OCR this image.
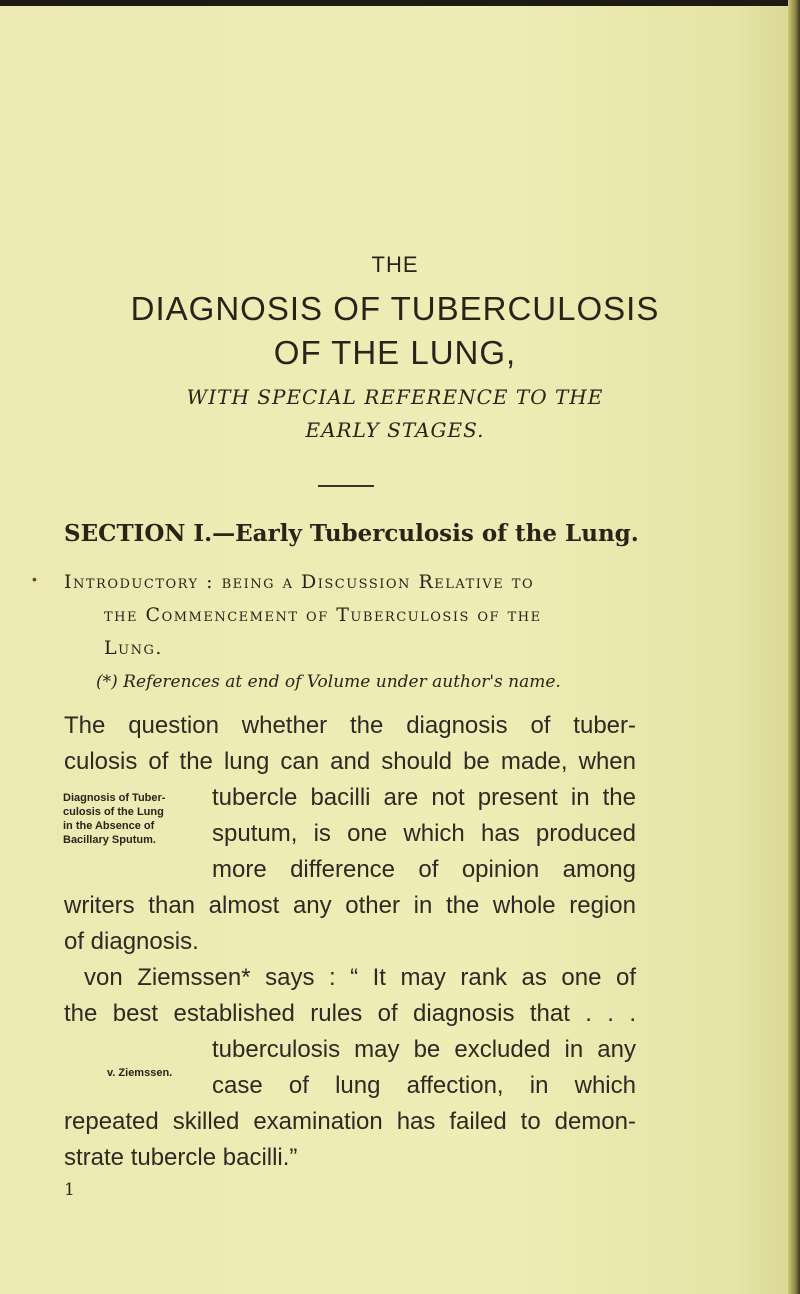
•
THE
DIAGNOSIS OF TUBERCULOSIS
OF THE LUNG,
WITH SPECIAL REFERENCE TO THE
EARLY STAGES.
SECTION I.—Early Tuberculosis of the Lung.
Introductory : being a Discussion Relative to
the Commencement of Tuberculosis of the
Lung.
(*) References at end of Volume under author's name.
The question whether the diagnosis of tuber-
culosis of the lung can and should be made, when
tubercle bacilli are not present in the
sputum, is one which has produced
more difference of opinion among
writers than almost any other in the whole region
of diagnosis.
von Ziemssen* says : “ It may rank as one of
the best established rules of diagnosis that . . .
tuberculosis may be excluded in any
case of lung affection, in which
repeated skilled examination has failed to demon-
strate tubercle bacilli.”
Diagnosis of Tuber-
culosis of the Lung
in the Absence of
Bacillary Sputum.
v. Ziemssen.
1
